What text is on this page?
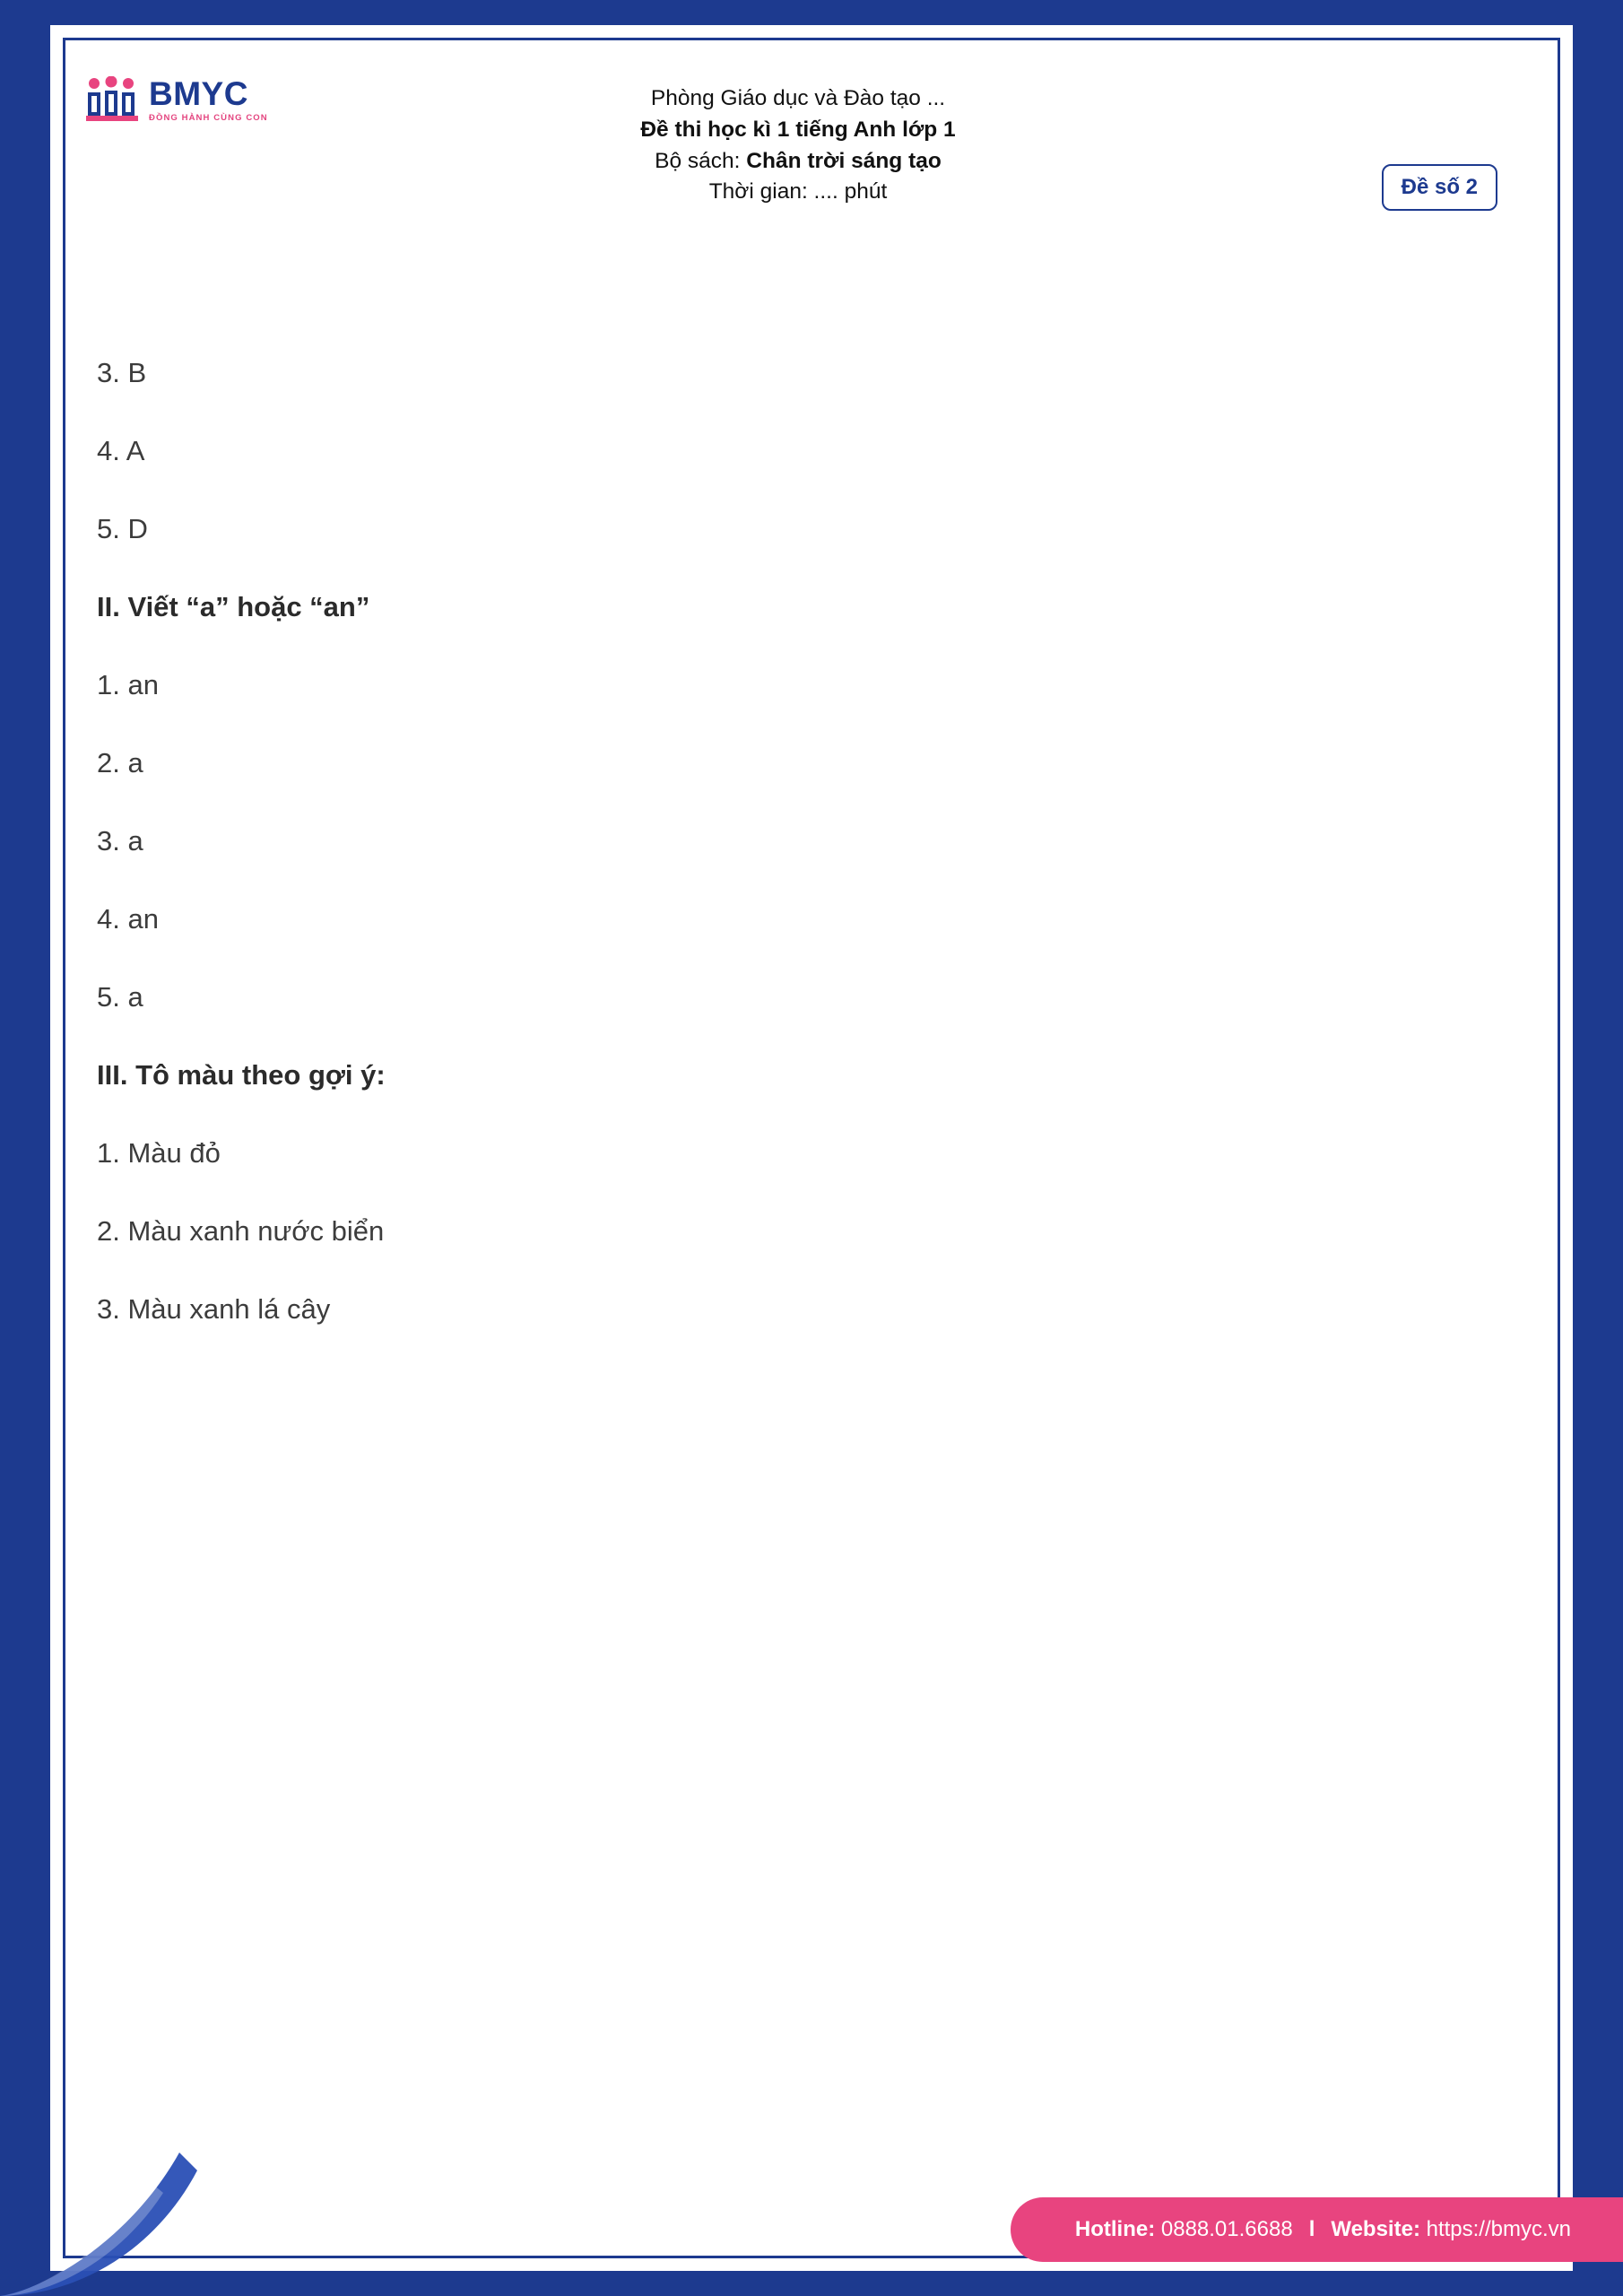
BMYC
ĐỒNG HÀNH CÙNG CON
Phòng Giáo dục và Đào tạo ...
Đề thi học kì 1 tiếng Anh lớp 1
Bộ sách: Chân trời sáng tạo
Thời gian: .... phút	Đề số 2

3. B

4. A

5. D

II. Viết “a” hoặc “an”

1. an

2. a

3. a

4. an

5. a

III. Tô màu theo gợi ý:

1. Màu đỏ

2. Màu xanh nước biển

3. Màu xanh lá cây

Hotline:
0888.01.6688 l Website:
https://bmyc.vn
